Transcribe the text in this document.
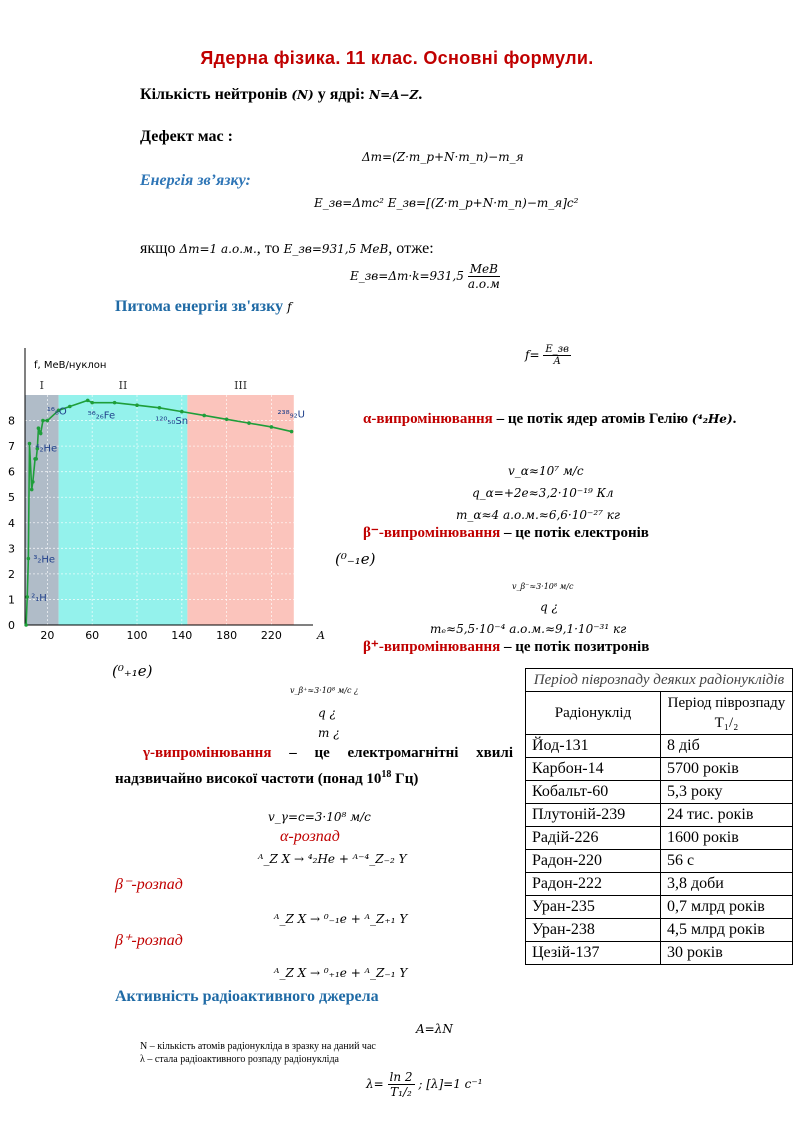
Ядерна фізика. 11 клас. Основні формули.
Кількість нейтронів (N) у ядрі: N=A−Z.
Дефект мас :
Δm=(Z·m_p+N·m_n)−m_я
Енергія зв’язку:
E_зв=Δmc² E_зв=[(Z·m_p+N·m_n)−m_я]c²
якщо Δm=1 а.о.м., то E_зв=931,5 MeB, отже:
E_зв=Δm·k=931,5 $\frac{\text{MeB}}{а.о.м}$
Питома енергія зв'язку f
$f= \frac{E\_зв}{A}$
I	II	III
20	60 100 140 180 220
0
1
2
3
4
5
6
7
8
A
f, МеВ/нуклон
⁴₂He
³₂He
²₁H
¹⁶₈O ⁵⁶₂₆Fe	¹²⁰₅₀Sn
²³⁸₉₂U	α-випромінювання – це потік ядер атомів Гелію (⁴₂He).
v_α≈10⁷ м/с
q_α=+2e≈3,2·10⁻¹⁹ Кл
m_α≈4 а.о.м.≈6,6·10⁻²⁷ кг
β⁻-випромінювання – це потік електронів
(⁰₋₁e)
v_β⁻≈3·10⁸ м/с
q ¿
mₑ≈5,5·10⁻⁴ а.о.м.≈9,1·10⁻³¹ кг
β⁺-випромінювання – це потік позитронів
(⁰₊₁e)
v_β⁺≈3·10⁸ м/с ¿
q ¿
m ¿
γ-випромінювання – це електромагнітні хвилі надзвичайно високої частоти (понад $10^{18}$ Гц)
v_γ=c=3·10⁸ м/с
α-розпад
ᴬ_Z X → ⁴₂He + ᴬ⁻⁴_Z₋₂ Y
β⁻-розпад
ᴬ_Z X → ⁰₋₁e + ᴬ_Z₊₁ Y
β⁺-розпад
ᴬ_Z X → ⁰₊₁e + ᴬ_Z₋₁ Y
Активність радіоактивного джерела
A=λN
N – кількість атомів радіонукліда в зразку на даний час
λ – стала радіоактивного розпаду радіонукліда
$\lambda= \frac{\ln 2}{\text{T₁/₂}}$ ; [λ]=1 c⁻¹
Період піврозпаду деяких радіонуклідів	
Радіонуклід	Період піврозпаду T₁/₂
Йод-131	8 діб
Карбон-14	5700 років
Кобальт-60	5,3 року
Плутоній-239	24 тис. років
Радій-226	1600 років
Радон-220	56 с
Радон-222	3,8 доби
Уран-235	0,7 млрд років
Уран-238	4,5 млрд років
Цезій-137	30 років
